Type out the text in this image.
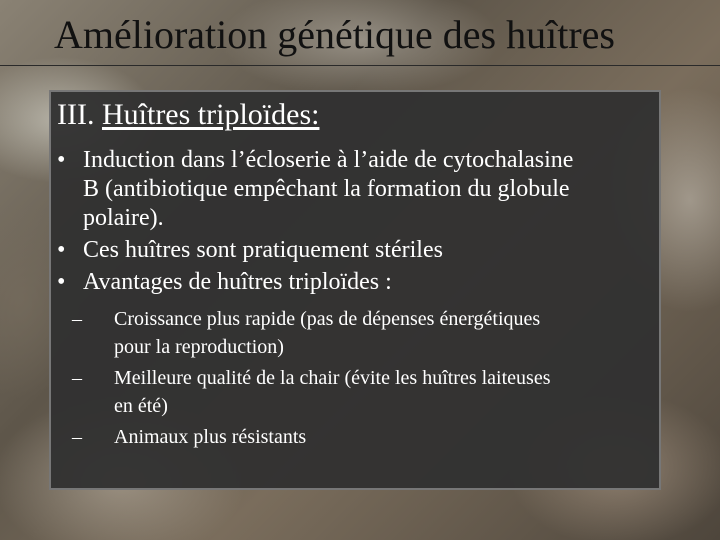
Amélioration génétique des huîtres
III. Huîtres triploïdes:

• Induction dans l’écloserie à l’aide de cytochalasine
B (antibiotique empêchant la formation du globule
polaire).

• Ces huîtres sont pratiquement stériles

• Avantages de huîtres triploïdes :

– Croissance plus rapide (pas de dépenses énergétiques
pour la reproduction)

– Meilleure qualité de la chair (évite les huîtres laiteuses
en été)

– Animaux plus résistants
